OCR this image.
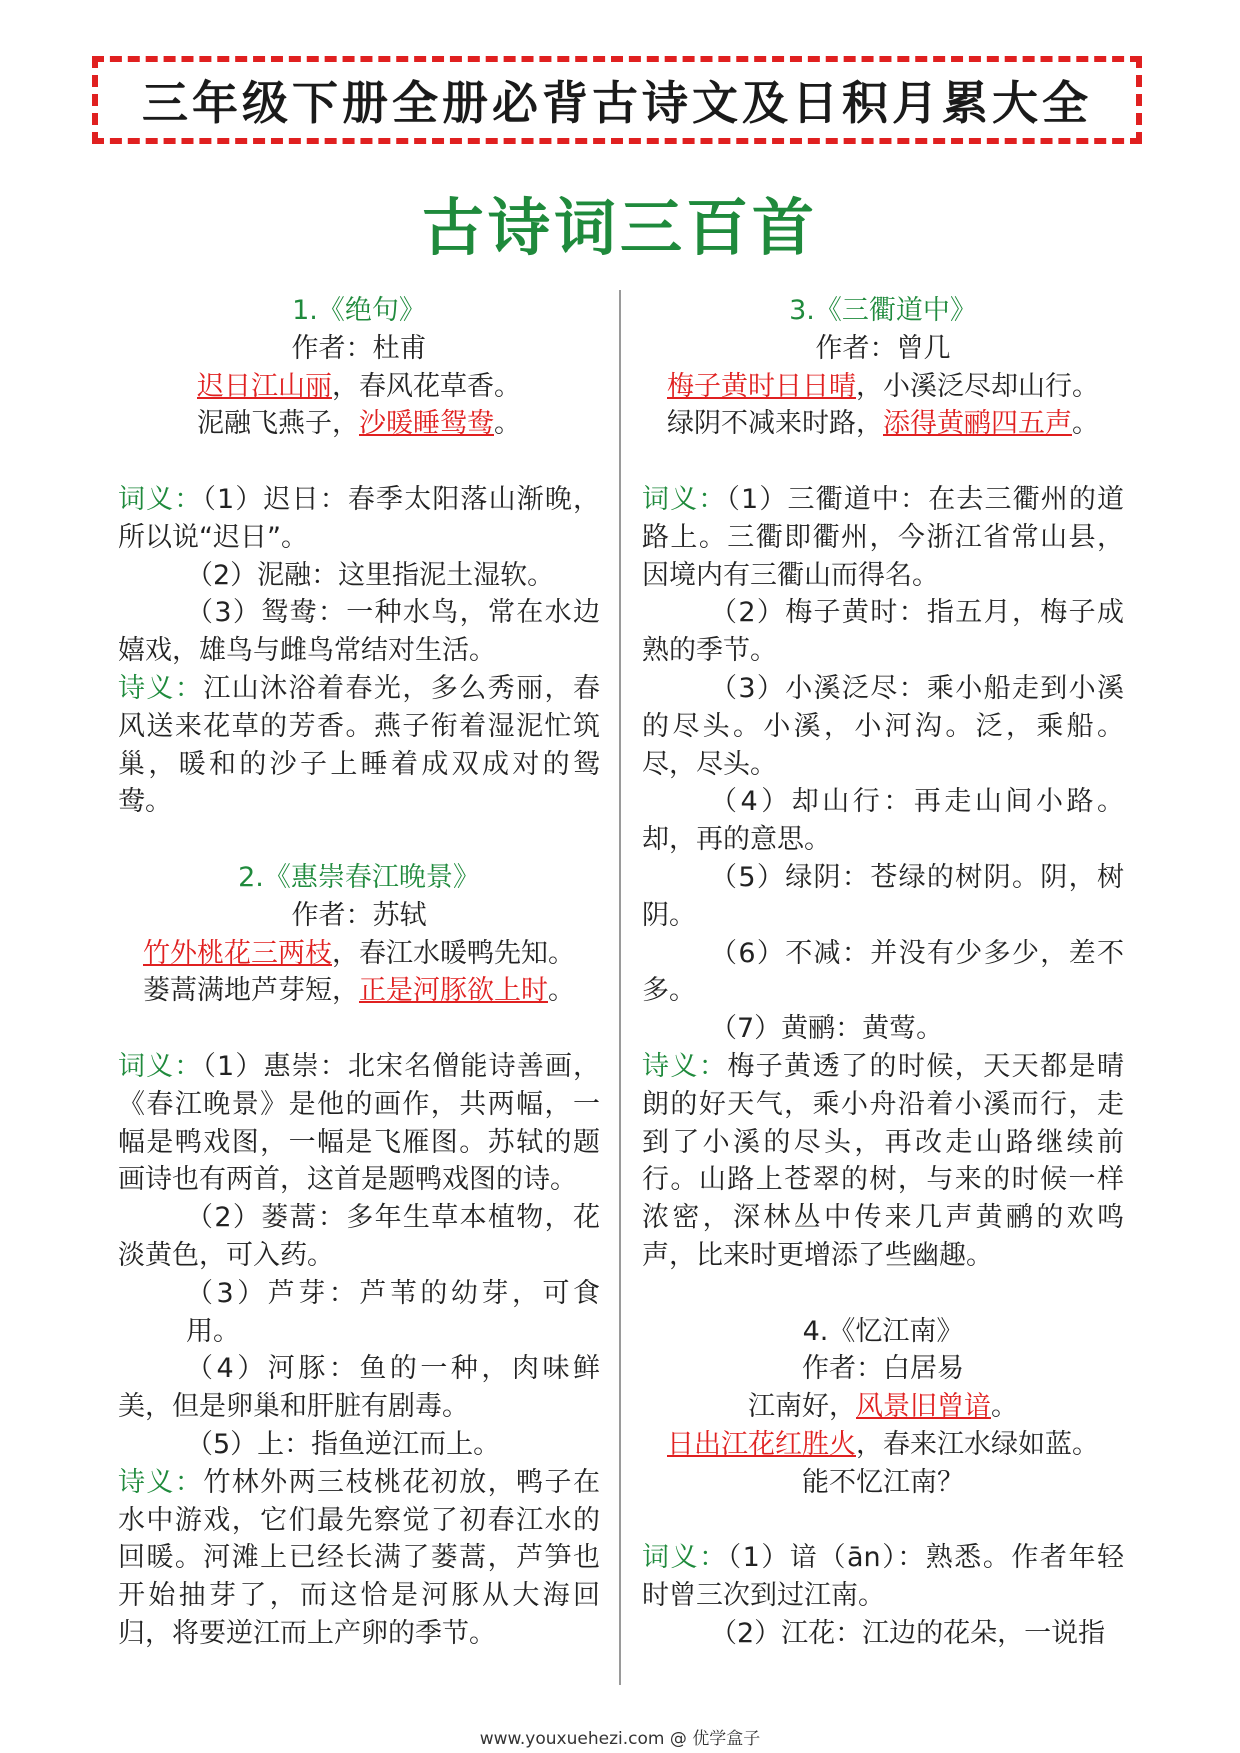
三年级下册全册必背古诗文及日积月累大全
古诗词三百首
1.《绝句》
作者：杜甫
迟日江山丽，春风花草香。
泥融飞燕子，沙暖睡鸳鸯。
词义：（1）迟日：春季太阳落山渐晚，所以说“迟日”。
（2）泥融：这里指泥土湿软。
（3）鸳鸯：一种水鸟，常在水边嬉戏，雄鸟与雌鸟常结对生活。
诗义：江山沐浴着春光，多么秀丽，春风送来花草的芳香。燕子衔着湿泥忙筑巢，暖和的沙子上睡着成双成对的鸳鸯。
2.《惠崇春江晚景》
作者：苏轼
竹外桃花三两枝，春江水暖鸭先知。
蒌蒿满地芦芽短，正是河豚欲上时。
词义：（1）惠崇：北宋名僧能诗善画，《春江晚景》是他的画作，共两幅，一幅是鸭戏图，一幅是飞雁图。苏轼的题画诗也有两首，这首是题鸭戏图的诗。
（2）蒌蒿：多年生草本植物，花淡黄色，可入药。
（3）芦芽：芦苇的幼芽，可食用。
（4）河豚：鱼的一种，肉味鲜美，但是卵巢和肝脏有剧毒。
（5）上：指鱼逆江而上。
诗义：竹林外两三枝桃花初放，鸭子在水中游戏，它们最先察觉了初春江水的回暖。河滩上已经长满了蒌蒿，芦笋也开始抽芽了，而这恰是河豚从大海回归，将要逆江而上产卵的季节。
3.《三衢道中》
作者：曾几
梅子黄时日日晴，小溪泛尽却山行。
绿阴不减来时路，添得黄鹂四五声。
词义：（1）三衢道中：在去三衢州的道路上。三衢即衢州，今浙江省常山县，因境内有三衢山而得名。
（2）梅子黄时：指五月，梅子成熟的季节。
（3）小溪泛尽：乘小船走到小溪的尽头。小溪，小河沟。泛，乘船。尽，尽头。
（4）却山行：再走山间小路。却，再的意思。
（5）绿阴：苍绿的树阴。阴，树阴。
（6）不减：并没有少多少，差不多。
（7）黄鹂：黄莺。
诗义：梅子黄透了的时候，天天都是晴朗的好天气，乘小舟沿着小溪而行，走到了小溪的尽头，再改走山路继续前行。山路上苍翠的树，与来的时候一样浓密，深林丛中传来几声黄鹂的欢鸣声，比来时更增添了些幽趣。
4.《忆江南》
作者：白居易
江南好，风景旧曾谙。
日出江花红胜火，春来江水绿如蓝。
能不忆江南？
词义：（1）谙（ān）：熟悉。作者年轻时曾三次到过江南。
（2）江花：江边的花朵，一说指
www.youxuehezi.com @ 优学盒子
